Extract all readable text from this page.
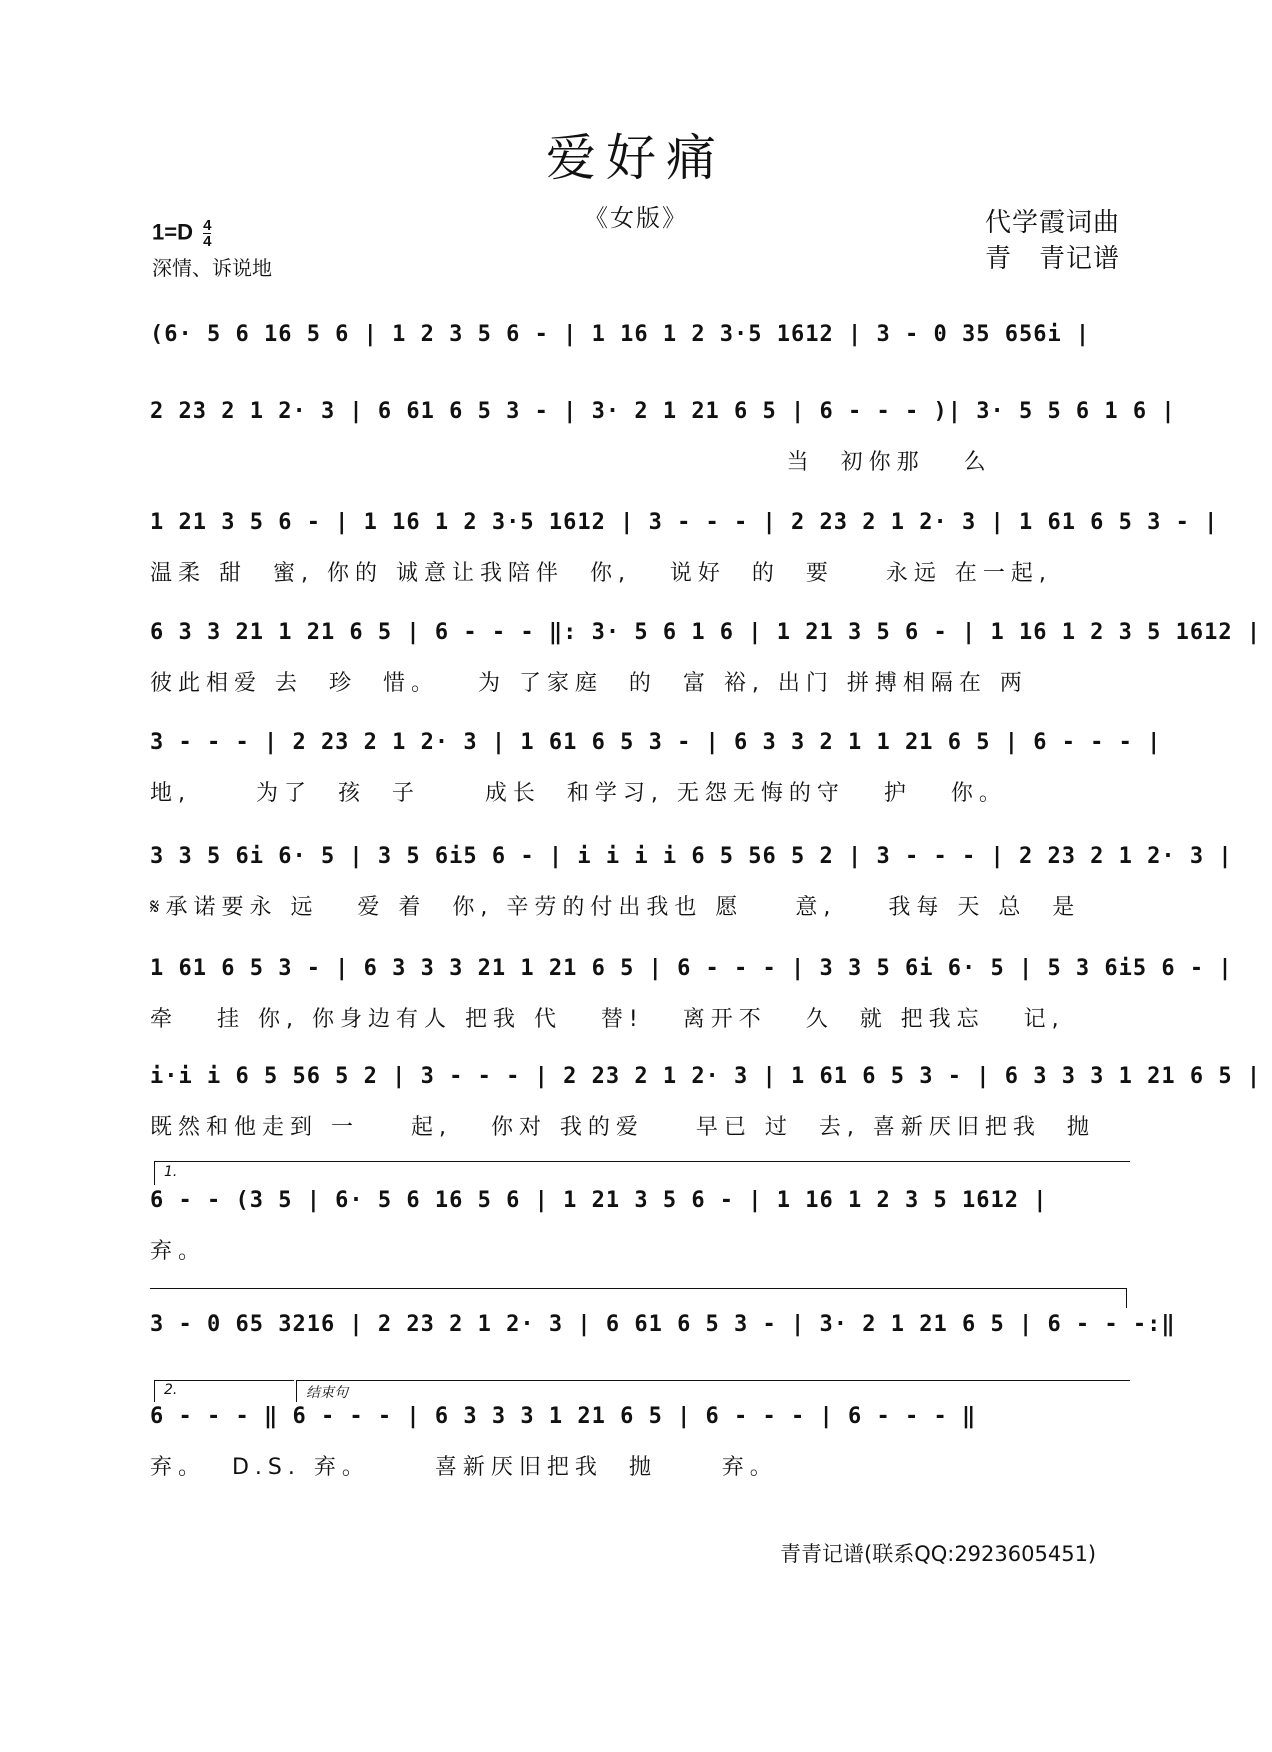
爱好痛
《女版》
$1=D \frac{4}{4}$
深情、诉说地
代学霞词曲
青　青记谱
(6· 5 6 16 5 6 | 1 2 3 5 6 - | 1 16 1 2 3·5 1612 | 3 - 0 35 656i |
2 23 2 1 2· 3 | 6 61 6 5 3 - | 3· 2 1 21 6 5 | 6 - - - )| 3· 5 5 6 1 6 |
当  初你那   么
1 21 3 5 6 - | 1 16 1 2 3·5 1612 | 3 - - - | 2 23 2 1 2· 3 | 1 61 6 5 3 - |
温柔 甜  蜜, 你的 诚意让我陪伴  你,   说好  的  要    永远 在一起,
6 3 3 21 1 21 6 5 | 6 - - - ‖: 3· 5 6 1 6 | 1 21 3 5 6 - | 1 16 1 2 3 5 1612 |
彼此相爱 去  珍  惜。   为 了家庭  的  富 裕, 出门 拼搏相隔在 两
3 - - - | 2 23 2 1 2· 3 | 1 61 6 5 3 - | 6 3 3 2 1 1 21 6 5 | 6 - - - |
地,     为了  孩  子     成长  和学习, 无怨无悔的守   护   你。
3 3 5 6i 6· 5 | 3 5 6i5 6 - | i i i i 6 5 56 5 2 | 3 - - - | 2 23 2 1 2· 3 |
𝄋承诺要永 远   爱 着  你, 辛劳的付出我也 愿    意,    我每 天 总  是
1 61 6 5 3 - | 6 3 3 3 21 1 21 6 5 | 6 - - - | 3 3 5 6i 6· 5 | 5 3 6i5 6 - |
牵   挂 你, 你身边有人 把我 代   替!   离开不   久  就 把我忘   记,
i·i i 6 5 56 5 2 | 3 - - - | 2 23 2 1 2· 3 | 1 61 6 5 3 - | 6 3 3 3 1 21 6 5 |
既然和他走到 一    起,   你对 我的爱    早已 过  去, 喜新厌旧把我  抛
1.
6 - - (3 5 | 6· 5 6 16 5 6 | 1 21 3 5 6 - | 1 16 1 2 3 5 1612 |
弃。
3 - 0 65 3216 | 2 23 2 1 2· 3 | 6 61 6 5 3 - | 3· 2 1 21 6 5 | 6 - - -:‖
2.	结束句
6 - - - ‖ 6 - - - | 6 3 3 3 1 21 6 5 | 6 - - - | 6 - - - ‖
弃。  D.S. 弃。     喜新厌旧把我  抛     弃。
青青记谱(联系QQ:2923605451)
